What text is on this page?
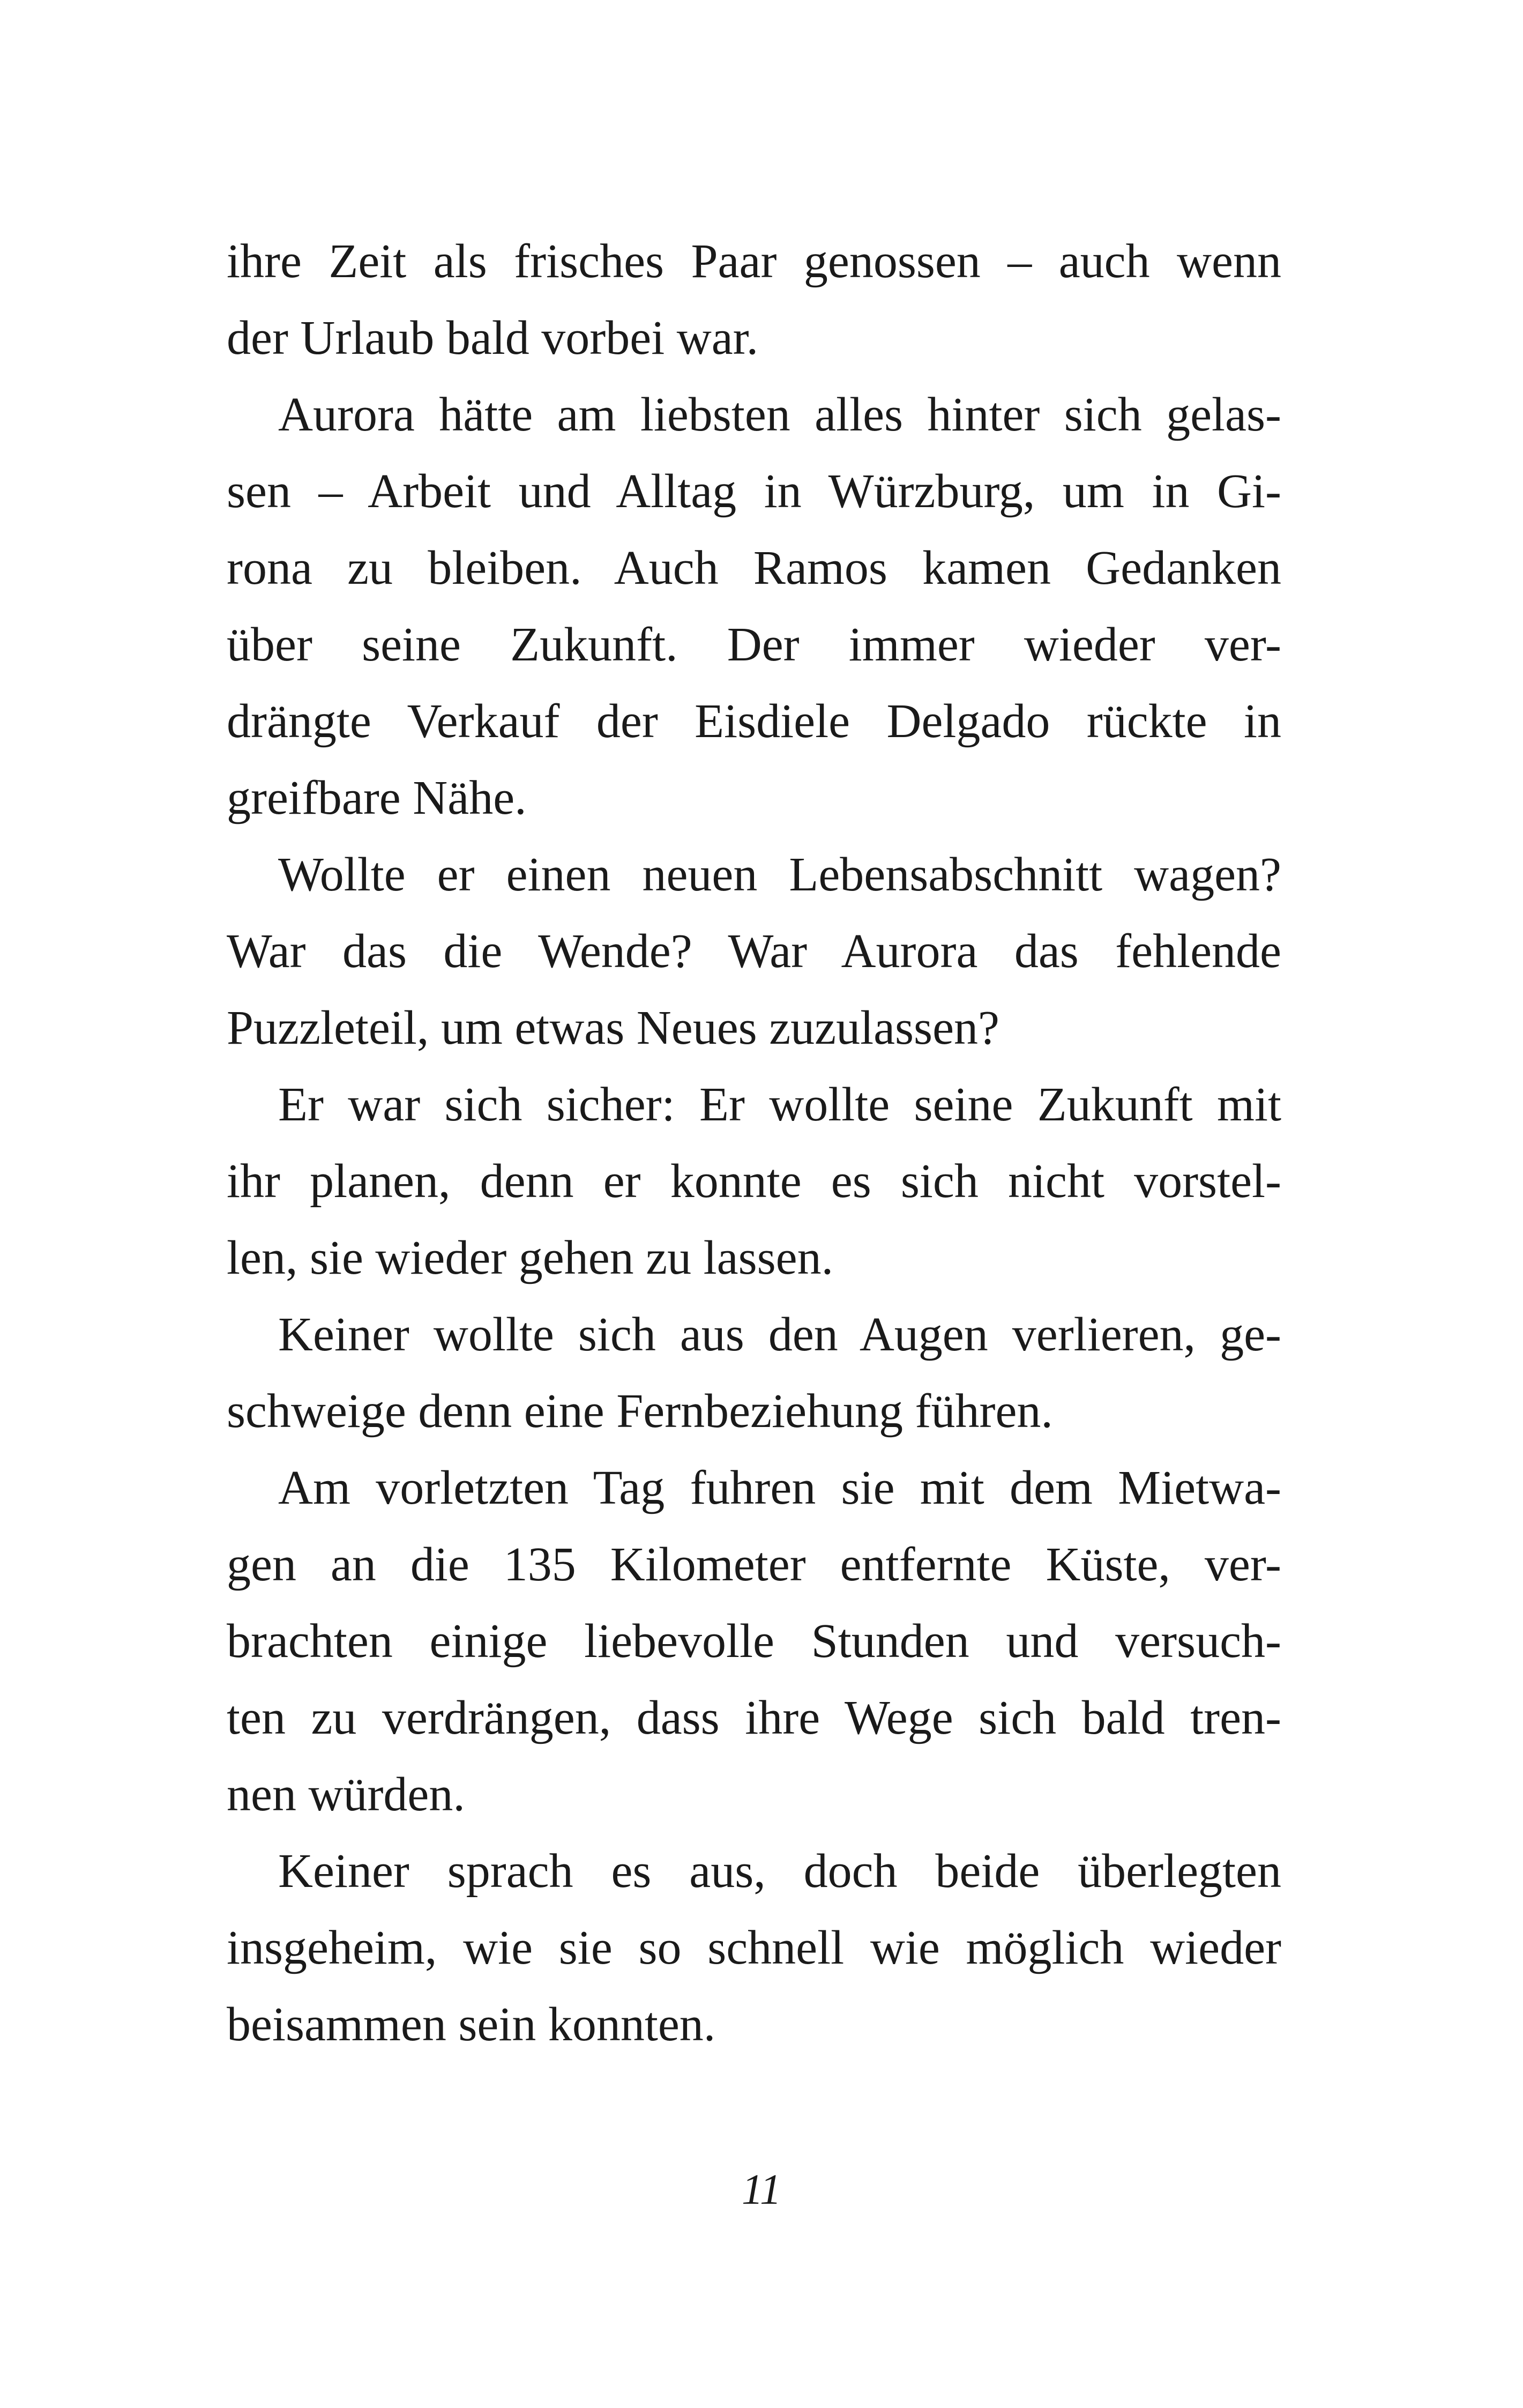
ihre Zeit als frisches Paar genossen – auch wenn
der Urlaub bald vorbei war.
Aurora hätte am liebsten alles hinter sich gelas-
sen – Arbeit und Alltag in Würzburg, um in Gi-
rona zu bleiben. Auch Ramos kamen Gedanken
über seine Zukunft. Der immer wieder ver-
drängte Verkauf der Eisdiele Delgado rückte in
greifbare Nähe.
Wollte er einen neuen Lebensabschnitt wagen?
War das die Wende? War Aurora das fehlende
Puzzleteil, um etwas Neues zuzulassen?
Er war sich sicher: Er wollte seine Zukunft mit
ihr planen, denn er konnte es sich nicht vorstel-
len, sie wieder gehen zu lassen.
Keiner wollte sich aus den Augen verlieren, ge-
schweige denn eine Fernbeziehung führen.
Am vorletzten Tag fuhren sie mit dem Mietwa-
gen an die 135 Kilometer entfernte Küste, ver-
brachten einige liebevolle Stunden und versuch-
ten zu verdrängen, dass ihre Wege sich bald tren-
nen würden.
Keiner sprach es aus, doch beide überlegten
insgeheim, wie sie so schnell wie möglich wieder
beisammen sein konnten.
11
